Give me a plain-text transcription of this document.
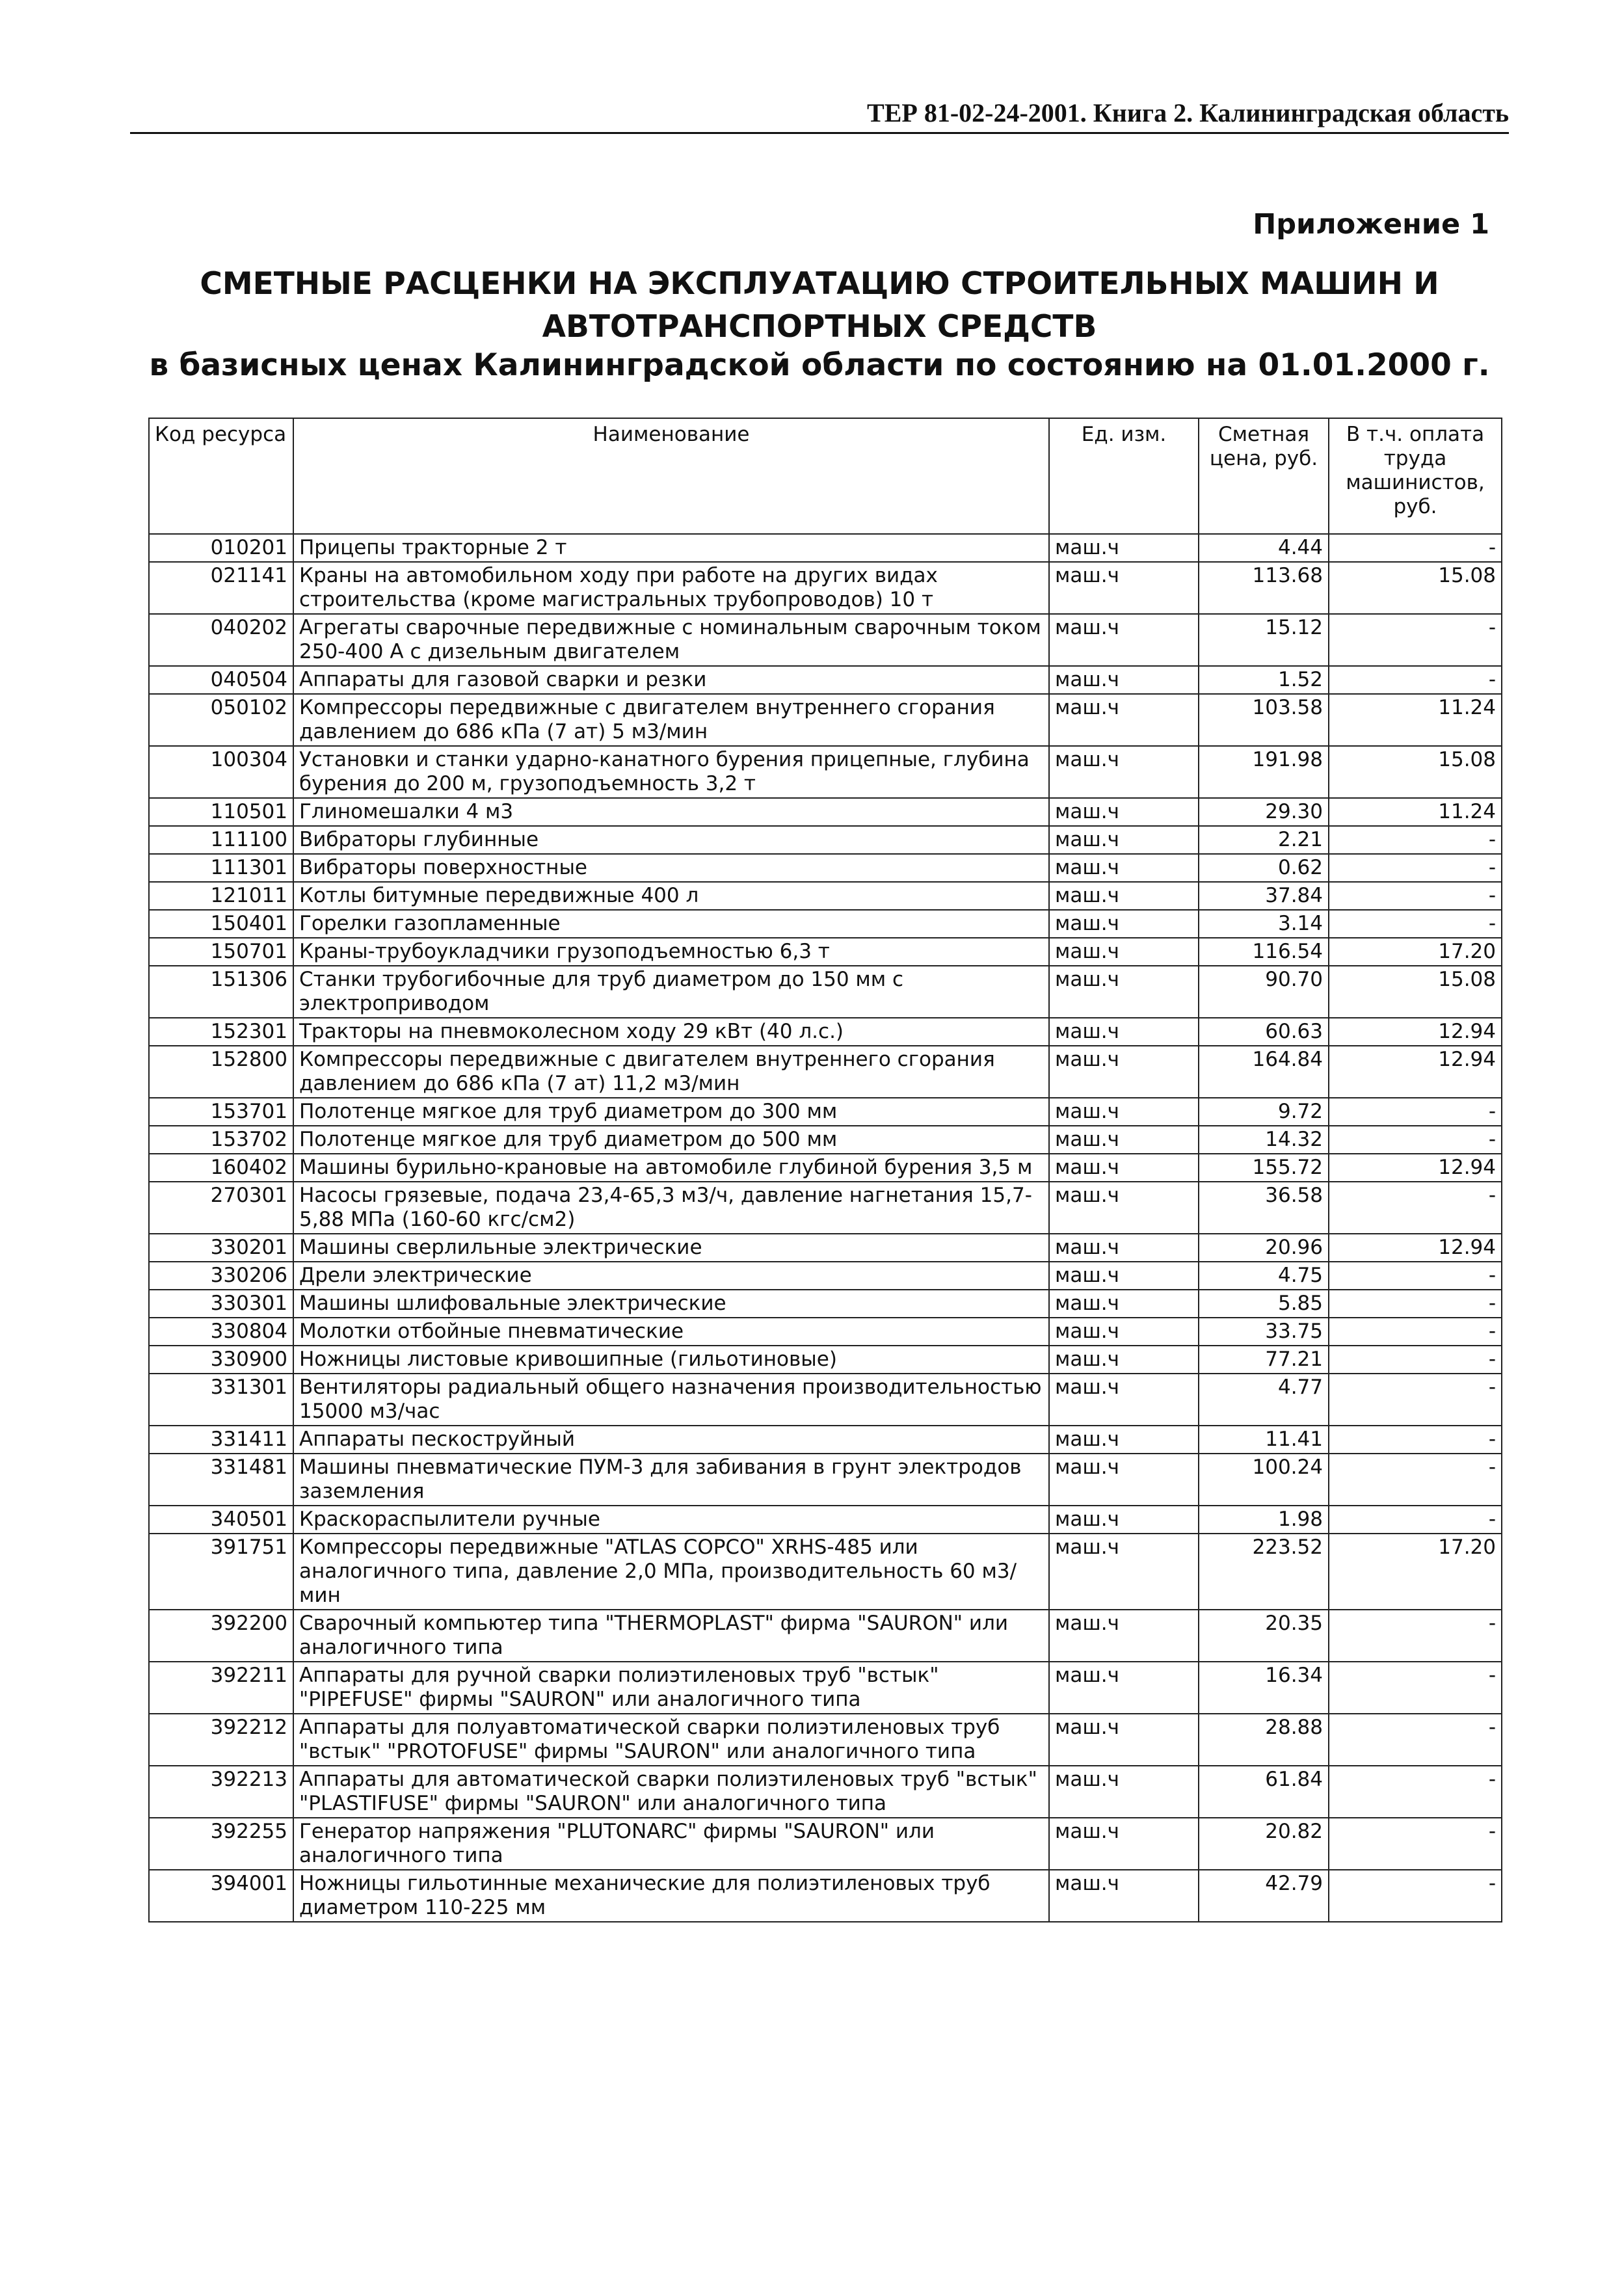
ТЕР 81-02-24-2001. Книга 2. Калининградская область
Приложение 1
СМЕТНЫЕ РАСЦЕНКИ НА ЭКСПЛУАТАЦИЮ СТРОИТЕЛЬНЫХ МАШИН И
АВТОТРАНСПОРТНЫХ СРЕДСТВ
в базисных ценах Калининградской области по состоянию на 01.01.2000 г.
Код ресурса	Наименование	Ед. изм.	Сметная цена, руб.	В т.ч. оплата труда машинистов, руб.
010201	Прицепы тракторные 2 т	маш.ч	4.44	-
021141	Краны на автомобильном ходу при работе на других видах строительства (кроме магистральных трубопроводов) 10 т	маш.ч	113.68	15.08
040202	Агрегаты сварочные передвижные с номинальным сварочным током 250-400 А с дизельным двигателем	маш.ч	15.12	-
040504	Аппараты для газовой сварки и резки	маш.ч	1.52	-
050102	Компрессоры передвижные с двигателем внутреннего сгорания давлением до 686 кПа (7 ат) 5 м3/мин	маш.ч	103.58	11.24
100304	Установки и станки ударно-канатного бурения прицепные, глубина бурения до 200 м, грузоподъемность 3,2 т	маш.ч	191.98	15.08
110501	Глиномешалки 4 м3	маш.ч	29.30	11.24
111100	Вибраторы глубинные	маш.ч	2.21	-
111301	Вибраторы поверхностные	маш.ч	0.62	-
121011	Котлы битумные передвижные 400 л	маш.ч	37.84	-
150401	Горелки газопламенные	маш.ч	3.14	-
150701	Краны-трубоукладчики грузоподъемностью 6,3 т	маш.ч	116.54	17.20
151306	Станки трубогибочные для труб диаметром до 150 мм с электроприводом	маш.ч	90.70	15.08
152301	Тракторы на пневмоколесном ходу 29 кВт (40 л.с.)	маш.ч	60.63	12.94
152800	Компрессоры передвижные с двигателем внутреннего сгорания давлением до 686 кПа (7 ат) 11,2 м3/мин	маш.ч	164.84	12.94
153701	Полотенце мягкое для труб диаметром до 300 мм	маш.ч	9.72	-
153702	Полотенце мягкое для труб диаметром до 500 мм	маш.ч	14.32	-
160402	Машины бурильно-крановые на автомобиле глубиной бурения 3,5 м	маш.ч	155.72	12.94
270301	Насосы грязевые, подача 23,4-65,3 м3/ч, давление нагнетания 15,7-5,88 МПа (160-60 кгс/см2)	маш.ч	36.58	-
330201	Машины сверлильные электрические	маш.ч	20.96	12.94
330206	Дрели электрические	маш.ч	4.75	-
330301	Машины шлифовальные электрические	маш.ч	5.85	-
330804	Молотки отбойные пневматические	маш.ч	33.75	-
330900	Ножницы листовые кривошипные (гильотиновые)	маш.ч	77.21	-
331301	Вентиляторы радиальный общего назначения производительностью 15000 м3/час	маш.ч	4.77	-
331411	Аппараты пескоструйный	маш.ч	11.41	-
331481	Машины пневматические ПУМ-3 для забивания в грунт электродов заземления	маш.ч	100.24	-
340501	Краскораспылители ручные	маш.ч	1.98	-
391751	Компрессоры передвижные "ATLAS COPCO" XRHS-485 или аналогичного типа, давление 2,0 МПа, производительность 60 м3/мин	маш.ч	223.52	17.20
392200	Сварочный компьютер типа "THERMOPLAST" фирма "SAURON" или аналогичного типа	маш.ч	20.35	-
392211	Аппараты для ручной сварки полиэтиленовых труб "встык" "PIPEFUSE" фирмы "SAURON" или аналогичного типа	маш.ч	16.34	-
392212	Аппараты для полуавтоматической сварки полиэтиленовых труб "встык" "PROTOFUSE" фирмы "SAURON" или аналогичного типа	маш.ч	28.88	-
392213	Аппараты для автоматической сварки полиэтиленовых труб "встык" "PLASTIFUSE" фирмы "SAURON" или аналогичного типа	маш.ч	61.84	-
392255	Генератор напряжения "PLUTONARC" фирмы "SAURON" или аналогичного типа	маш.ч	20.82	-
394001	Ножницы гильотинные механические для полиэтиленовых труб диаметром 110-225 мм	маш.ч	42.79	-
